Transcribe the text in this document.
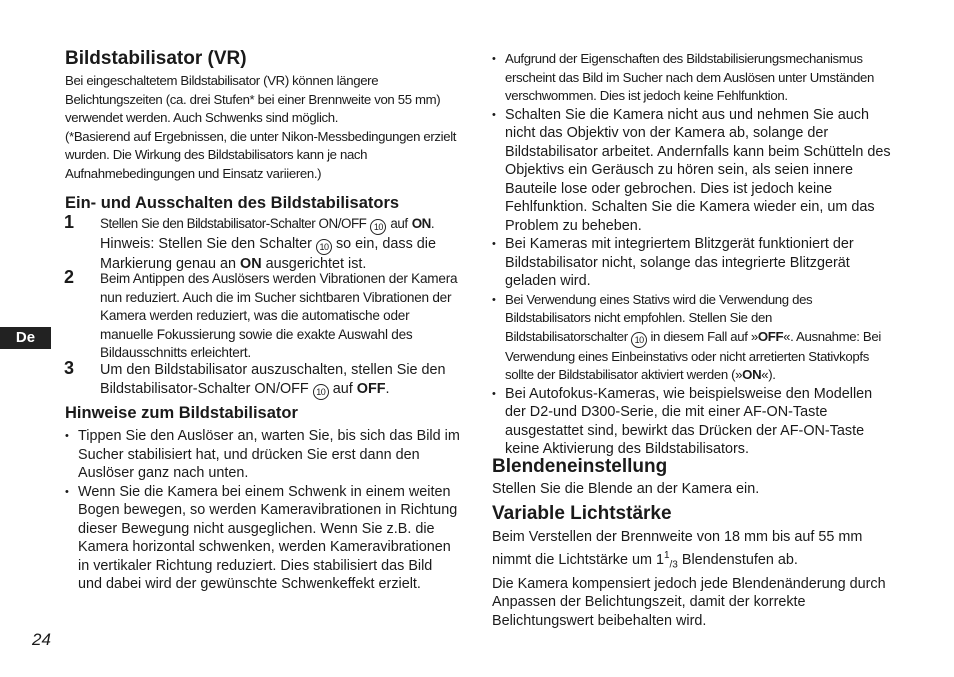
De
24

Bildstabilisator (VR)

Bei eingeschaltetem Bildstabilisator (VR) können längere Belichtungszeiten (ca. drei Stufen* bei einer Brennweite von 55 mm) verwendet werden. Auch Schwenks sind möglich.

(*Basierend auf Ergebnissen, die unter Nikon-Messbedingungen erzielt wurden. Die Wirkung des Bildstabilisators kann je nach Aufnahmebedingungen und Einsatz variieren.)

Ein- und Ausschalten des Bildstabilisators

1 Stellen Sie den Bildstabilisator-Schalter ON/OFF 10 auf ON.

Hinweis: Stellen Sie den Schalter 10 so ein, dass die Markierung genau an ON ausgerichtet ist.

2 Beim Antippen des Auslösers werden Vibrationen der Kamera nun reduziert. Auch die im Sucher sichtbaren Vibrationen der Kamera werden reduziert, was die automatische oder manuelle Fokussierung sowie die exakte Auswahl des Bildausschnitts erleichtert.

3 Um den Bildstabilisator auszuschalten, stellen Sie den Bildstabilisator-Schalter ON/OFF 10 auf OFF.

Hinweise zum Bildstabilisator

• Tippen Sie den Auslöser an, warten Sie, bis sich das Bild im Sucher stabilisiert hat, und drücken Sie erst dann den Auslöser ganz nach unten.

• Wenn Sie die Kamera bei einem Schwenk in einem weiten Bogen bewegen, so werden Kameravibrationen in Richtung dieser Bewegung nicht ausgeglichen. Wenn Sie z.B. die Kamera horizontal schwenken, werden Kameravibrationen in vertikaler Richtung reduziert. Dies stabilisiert das Bild und dabei wird der gewünschte Schwenkeffekt erzielt.

• Aufgrund der Eigenschaften des Bildstabilisierungsmechanismus erscheint das Bild im Sucher nach dem Auslösen unter Umständen verschwommen. Dies ist jedoch keine Fehlfunktion.

• Schalten Sie die Kamera nicht aus und nehmen Sie auch nicht das Objektiv von der Kamera ab, solange der Bildstabilisator arbeitet. Andernfalls kann beim Schütteln des Objektivs ein Geräusch zu hören sein, als seien innere Bauteile lose oder gebrochen. Dies ist jedoch keine Fehlfunktion. Schalten Sie die Kamera wieder ein, um das Problem zu beheben.

• Bei Kameras mit integriertem Blitzgerät funktioniert der Bildstabilisator nicht, solange das integrierte Blitzgerät geladen wird.

• Bei Verwendung eines Stativs wird die Verwendung des Bildstabilisators nicht empfohlen. Stellen Sie den Bildstabilisatorschalter 10 in diesem Fall auf »OFF«. Ausnahme: Bei Verwendung eines Einbeinstativs oder nicht arretierten Stativkopfs sollte der Bildstabilisator aktiviert werden (»ON«).

• Bei Autofokus-Kameras, wie beispielsweise den Modellen der D2-und D300-Serie, die mit einer AF-ON-Taste ausgestattet sind, bewirkt das Drücken der AF-ON-Taste keine Aktivierung des Bildstabilisators.

Blendeneinstellung

Stellen Sie die Blende an der Kamera ein.

Variable Lichtstärke

Beim Verstellen der Brennweite von 18 mm bis auf 55 mm nimmt die Lichtstärke um $1^1_{/3}$ Blendenstufen ab.

Die Kamera kompensiert jedoch jede Blendenänderung durch Anpassen der Belichtungszeit, damit der korrekte Belichtungswert beibehalten wird.
